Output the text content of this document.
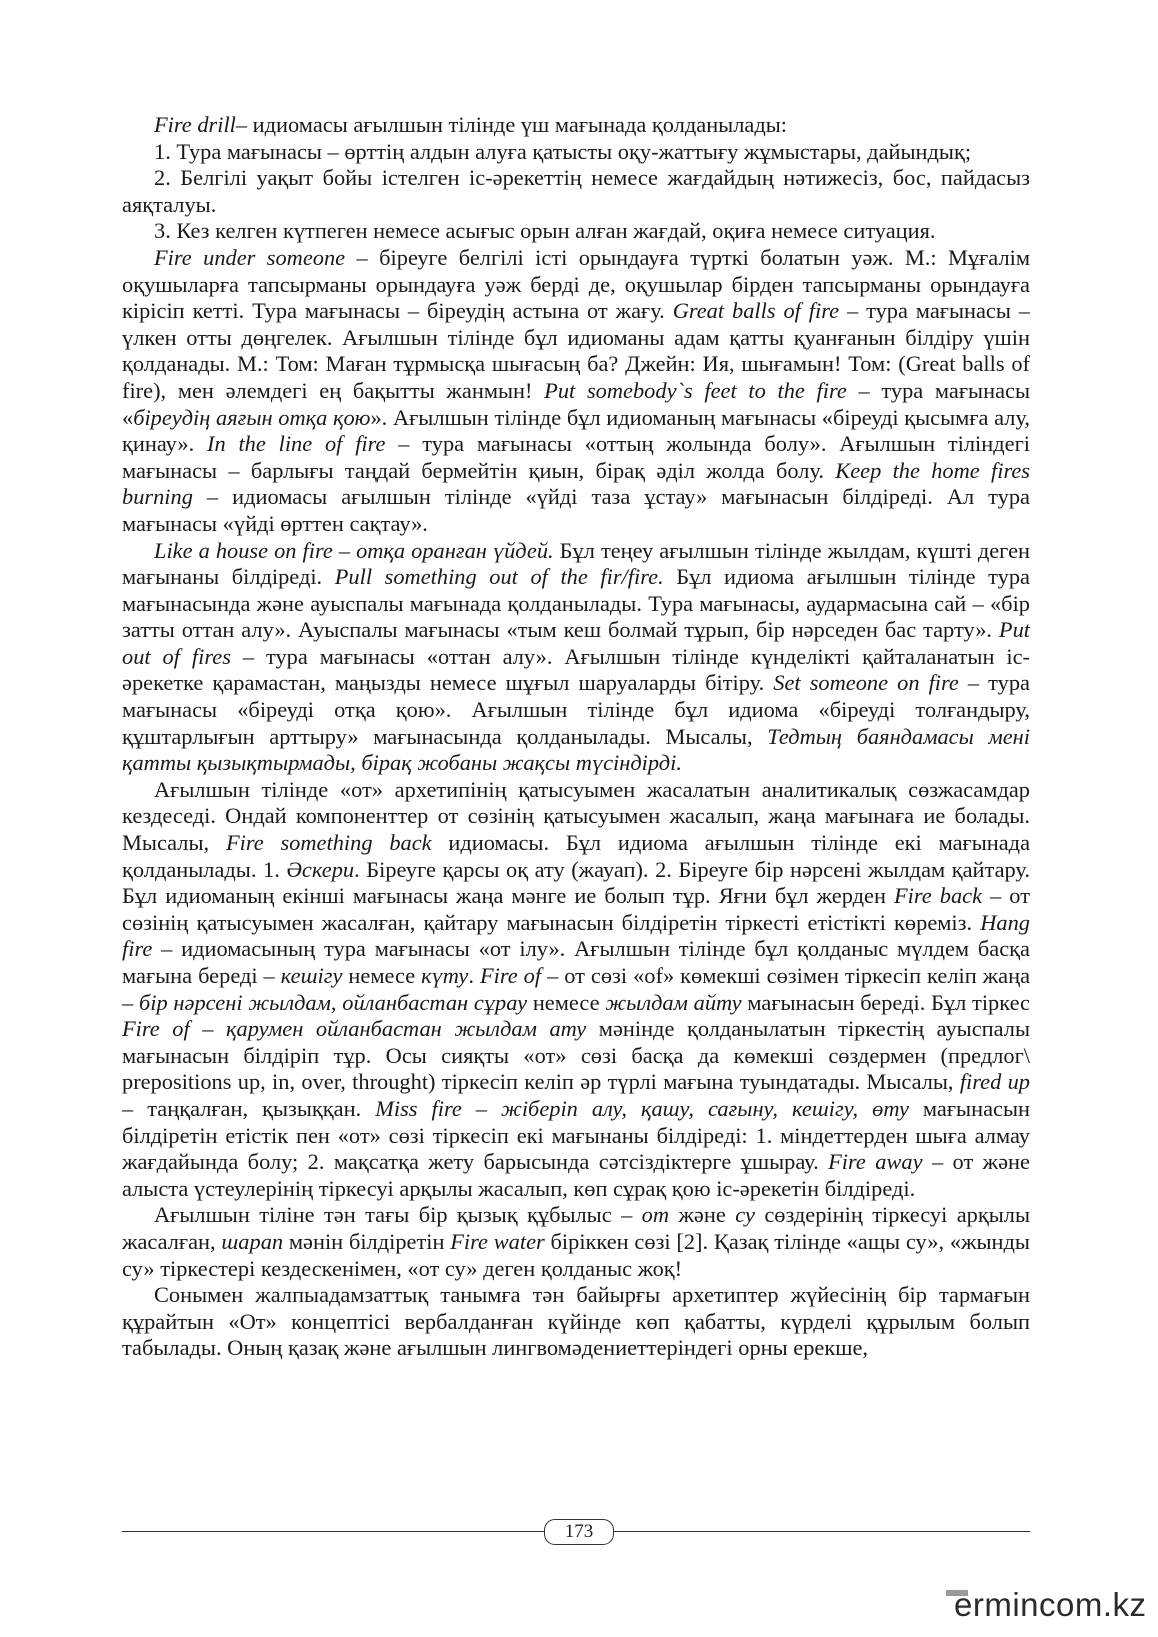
Fire drill– идиомасы ағылшын тілінде үш мағынада қолданылады:

1. Тура мағынасы – өрттің алдын алуға қатысты оқу-жаттығу жұмыстары, дайындық;

2. Белгілі уақыт бойы істелген іс-әрекеттің немесе жағдайдың нәтижесіз, бос, пайдасыз аяқталуы.

3. Кез келген күтпеген немесе асығыс орын алған жағдай, оқиға немесе ситуация.

Fire under someone – біреуге белгілі істі орындауға түрткі болатын уәж. М.: Мұғалім оқушыларға тапсырманы орындауға уәж берді де, оқушылар бірден тапсырманы орындауға кірісіп кетті. Тура мағынасы – біреудің астына от жағу. Great balls of fire – тура мағынасы – үлкен отты дөңгелек. Ағылшын тілінде бұл идиоманы адам қатты қуанғанын білдіру үшін қолданады. М.: Том: Маған тұрмысқа шығасың ба? Джейн: Ия, шығамын! Том: (Great balls of fire), мен әлемдегі ең бақытты жанмын! Put somebody`s feet to the fire – тура мағынасы «біреудің аяғын отқа қою». Ағылшын тілінде бұл идиоманың мағынасы «біреуді қысымға алу, қинау». In the line of fire – тура мағынасы «оттың жолында болу». Ағылшын тіліндегі мағынасы – барлығы таңдай бермейтін қиын, бірақ әділ жолда болу. Keep the home fires burning – идиомасы ағылшын тілінде «үйді таза ұстау» мағынасын білдіреді. Ал тура мағынасы «үйді өрттен сақтау».

Like a house on fire – отқа оранған үйдей. Бұл теңеу ағылшын тілінде жылдам, күшті деген мағынаны білдіреді. Pull something out of the fir/fire. Бұл идиома ағылшын тілінде тура мағынасында және ауыспалы мағынада қолданылады. Тура мағынасы, аудармасына сай – «бір затты оттан алу». Ауыспалы мағынасы «тым кеш болмай тұрып, бір нәрседен бас тарту». Put out of fires – тура мағынасы «оттан алу». Ағылшын тілінде күнделікті қайталанатын іс-әрекетке қарамастан, маңызды немесе шұғыл шаруаларды бітіру. Set someone on fire – тура мағынасы «біреуді отқа қою». Ағылшын тілінде бұл идиома «біреуді толғандыру, құштарлығын арттыру» мағынасында қолданылады. Мысалы, Тедтың баяндамасы мені қатты қызықтырмады, бірақ жобаны жақсы түсіндірді.

Ағылшын тілінде «от» архетипінің қатысуымен жасалатын аналитикалық сөзжасамдар кездеседі. Ондай компоненттер от сөзінің қатысуымен жасалып, жаңа мағынаға ие болады. Мысалы, Fire something back идиомасы. Бұл идиома ағылшын тілінде екі мағынада қолданылады. 1. Әскери. Біреуге қарсы оқ ату (жауап). 2. Біреуге бір нәрсені жылдам қайтару. Бұл идиоманың екінші мағынасы жаңа мәнге ие болып тұр. Яғни бұл жерден Fire back – от сөзінің қатысуымен жасалған, қайтару мағынасын білдіретін тіркесті етістікті көреміз. Hang fire – идиомасының тура мағынасы «от ілу». Ағылшын тілінде бұл қолданыс мүлдем басқа мағына береді – кешігу немесе күту. Fire of – от сөзі «of» көмекші сөзімен тіркесіп келіп жаңа – бір нәрсені жылдам, ойланбастан сұрау немесе жылдам айту мағынасын береді. Бұл тіркес Fire of – қарумен ойланбастан жылдам ату мәнінде қолданылатын тіркестің ауыспалы мағынасын білдіріп тұр. Осы сияқты «от» сөзі басқа да көмекші сөздермен (предлог\ prepositions up, in, over, throught) тіркесіп келіп әр түрлі мағына туындатады. Мысалы, fired up – таңқалған, қызыққан. Miss fire – жіберіп алу, қашу, сағыну, кешігу, өту мағынасын білдіретін етістік пен «от» сөзі тіркесіп екі мағынаны білдіреді: 1. міндеттерден шыға алмау жағдайында болу; 2. мақсатқа жету барысында сәтсіздіктерге ұшырау. Fire away – от және алыста үстеулерінің тіркесуі арқылы жасалып, көп сұрақ қою іс-әрекетін білдіреді.

Ағылшын тіліне тән тағы бір қызық құбылыс – от және су сөздерінің тіркесуі арқылы жасалған, шарап мәнін білдіретін Fire water біріккен сөзі [2]. Қазақ тілінде «ащы су», «жынды су» тіркестері кездескенімен, «от су» деген қолданыс жоқ!

Сонымен жалпыадамзаттық танымға тән байырғы архетиптер жүйесінің бір тармағын құрайтын «От» концептісі вербалданған күйінде көп қабатты, күрделі құрылым болып табылады. Оның қазақ және ағылшын лингвомәдениеттеріндегі орны ерекше,

173
ermincom.kz
